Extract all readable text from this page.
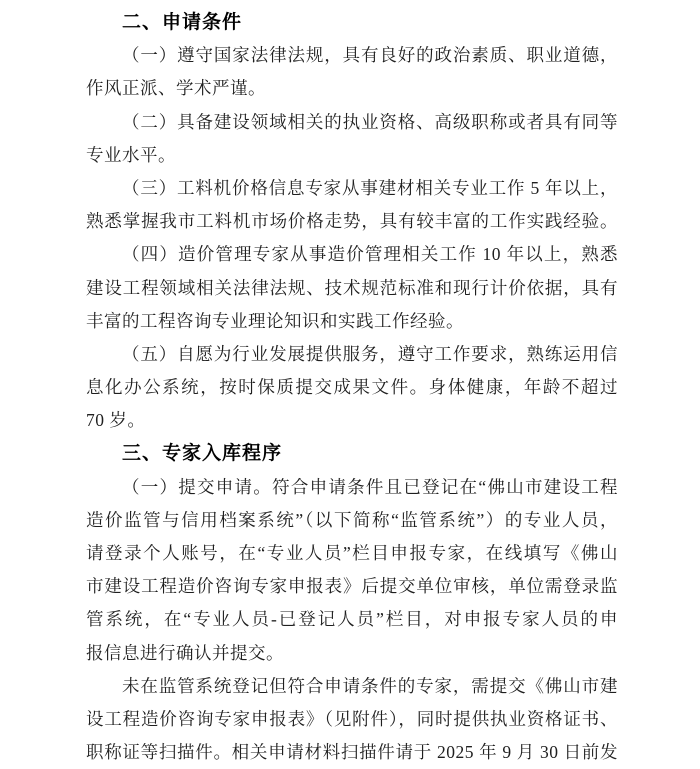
二、申请条件
（一）遵守国家法律法规，具有良好的政治素质、职业道德，
作风正派、学术严谨。
（二）具备建设领域相关的执业资格、高级职称或者具有同等
专业水平。
（三）工料机价格信息专家从事建材相关专业工作 5 年以上，
熟悉掌握我市工料机市场价格走势，具有较丰富的工作实践经验。
（四）造价管理专家从事造价管理相关工作 10 年以上，熟悉
建设工程领域相关法律法规、技术规范标准和现行计价依据，具有
丰富的工程咨询专业理论知识和实践工作经验。
（五）自愿为行业发展提供服务，遵守工作要求，熟练运用信
息化办公系统，按时保质提交成果文件。身体健康，年龄不超过
70 岁。
三、专家入库程序
（一）提交申请。符合申请条件且已登记在“佛山市建设工程
造价监管与信用档案系统”（以下简称“监管系统”）的专业人员，
请登录个人账号，在“专业人员”栏目申报专家，在线填写《佛山
市建设工程造价咨询专家申报表》后提交单位审核，单位需登录监
管系统，在“专业人员-已登记人员”栏目，对申报专家人员的申
报信息进行确认并提交。
未在监管系统登记但符合申请条件的专家，需提交《佛山市建
设工程造价咨询专家申报表》（见附件），同时提供执业资格证书、
职称证等扫描件。相关申请材料扫描件请于 2025 年 9 月 30 日前发
